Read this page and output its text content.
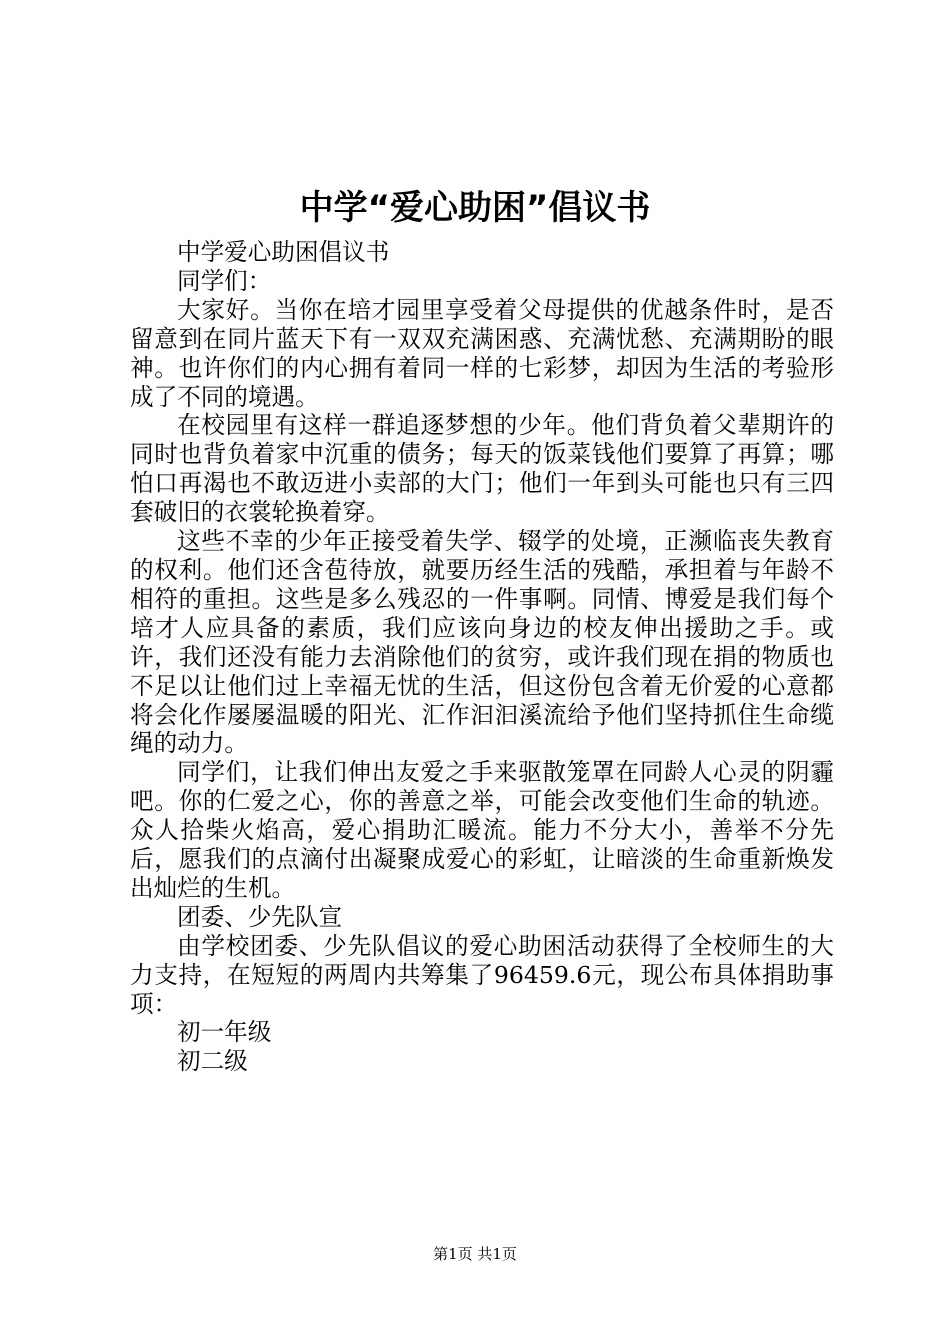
中学“爱心助困”倡议书

中学爱心助困倡议书

同学们：

大家好。当你在培才园里享受着父母提供的优越条件时，是否留意到在同片蓝天下有一双双充满困惑、充满忧愁、充满期盼的眼神。也许你们的内心拥有着同一样的七彩梦，却因为生活的考验形成了不同的境遇。

在校园里有这样一群追逐梦想的少年。他们背负着父辈期许的同时也背负着家中沉重的债务；每天的饭菜钱他们要算了再算；哪怕口再渴也不敢迈进小卖部的大门；他们一年到头可能也只有三四套破旧的衣裳轮换着穿。

这些不幸的少年正接受着失学、辍学的处境，正濒临丧失教育的权利。他们还含苞待放，就要历经生活的残酷，承担着与年龄不相符的重担。这些是多么残忍的一件事啊。同情、博爱是我们每个培才人应具备的素质，我们应该向身边的校友伸出援助之手。或许，我们还没有能力去消除他们的贫穷，或许我们现在捐的物质也不足以让他们过上幸福无忧的生活，但这份包含着无价爱的心意都将会化作屡屡温暖的阳光、汇作汩汩溪流给予他们坚持抓住生命缆绳的动力。

同学们，让我们伸出友爱之手来驱散笼罩在同龄人心灵的阴霾吧。你的仁爱之心，你的善意之举，可能会改变他们生命的轨迹。众人拾柴火焰高，爱心捐助汇暖流。能力不分大小，善举不分先后，愿我们的点滴付出凝聚成爱心的彩虹，让暗淡的生命重新焕发出灿烂的生机。

团委、少先队宣

由学校团委、少先队倡议的爱心助困活动获得了全校师生的大力支持，在短短的两周内共筹集了96459.6元，现公布具体捐助事项：

初一年级

初二级

第1页 共1页
